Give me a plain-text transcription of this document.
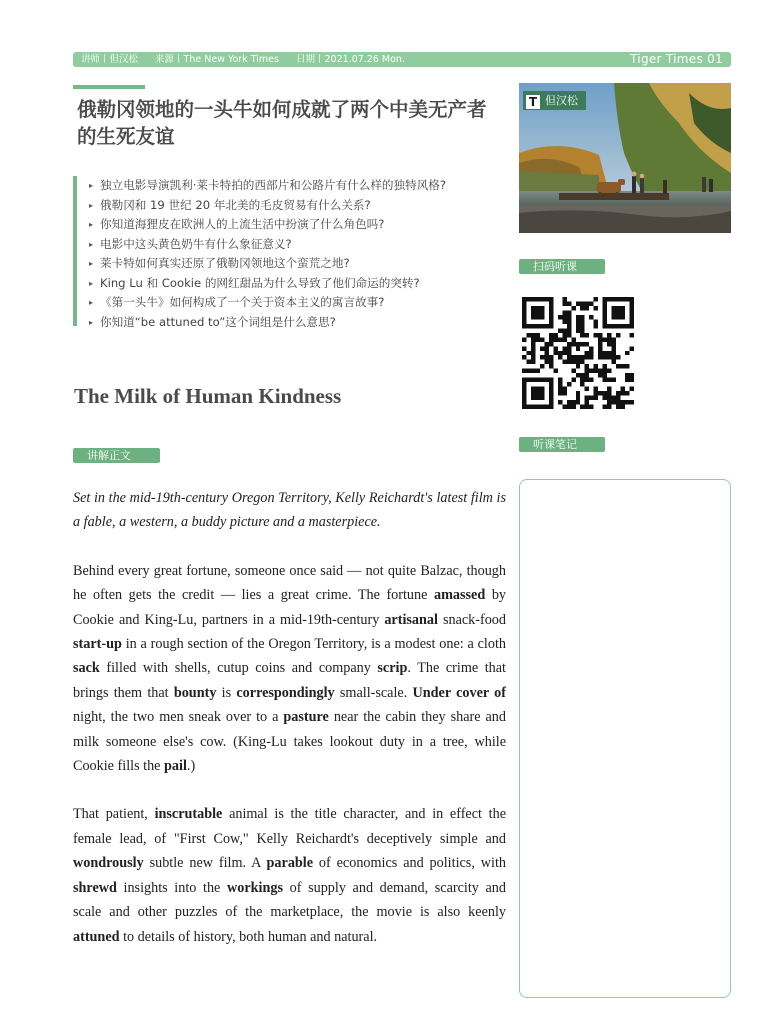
讲师丨但汉松 来源丨The New York Times 日期丨2021.07.26 Mon.	Tiger Times 01
俄勒冈领地的一头牛如何成就了两个中美无产者的生死友谊
▸ 独立电影导演凯利·莱卡特拍的西部片和公路片有什么样的独特风格?
▸ 俄勒冈和 19 世纪 20 年北美的毛皮贸易有什么关系?
▸ 你知道海狸皮在欧洲人的上流生活中扮演了什么角色吗?
▸ 电影中这头黄色奶牛有什么象征意义?
▸ 莱卡特如何真实还原了俄勒冈领地这个蛮荒之地?
▸ King Lu 和 Cookie 的网红甜品为什么导致了他们命运的突转?
▸ 《第一头牛》如何构成了一个关于资本主义的寓言故事?
▸ 你知道“be attuned to”这个词组是什么意思?
The Milk of Human Kindness
讲解正文

Set in the mid-19th-century Oregon Territory, Kelly Reichardt's latest film is a fable, a western, a buddy picture and a masterpiece.

Behind every great fortune, someone once said — not quite Balzac, though he often gets the credit — lies a great crime. The fortune amassed by Cookie and King-Lu, partners in a mid-19th-century artisanal snack-food start-up in a rough section of the Oregon Territory, is a modest one: a cloth sack filled with shells, cutup coins and company scrip. The crime that brings them that bounty is correspondingly small-scale. Under cover of night, the two men sneak over to a pasture near the cabin they share and milk someone else's cow. (King-Lu takes lookout duty in a tree, while Cookie fills the pail.)

That patient, inscrutable animal is the title character, and in effect the female lead, of "First Cow," Kelly Reichardt's deceptively simple and wondrously subtle new film. A parable of economics and politics, with shrewd insights into the workings of supply and demand, scarcity and scale and other puzzles of the marketplace, the movie is also keenly attuned to details of history, both human and natural.

T 但汉松
扫码听课
听课笔记
